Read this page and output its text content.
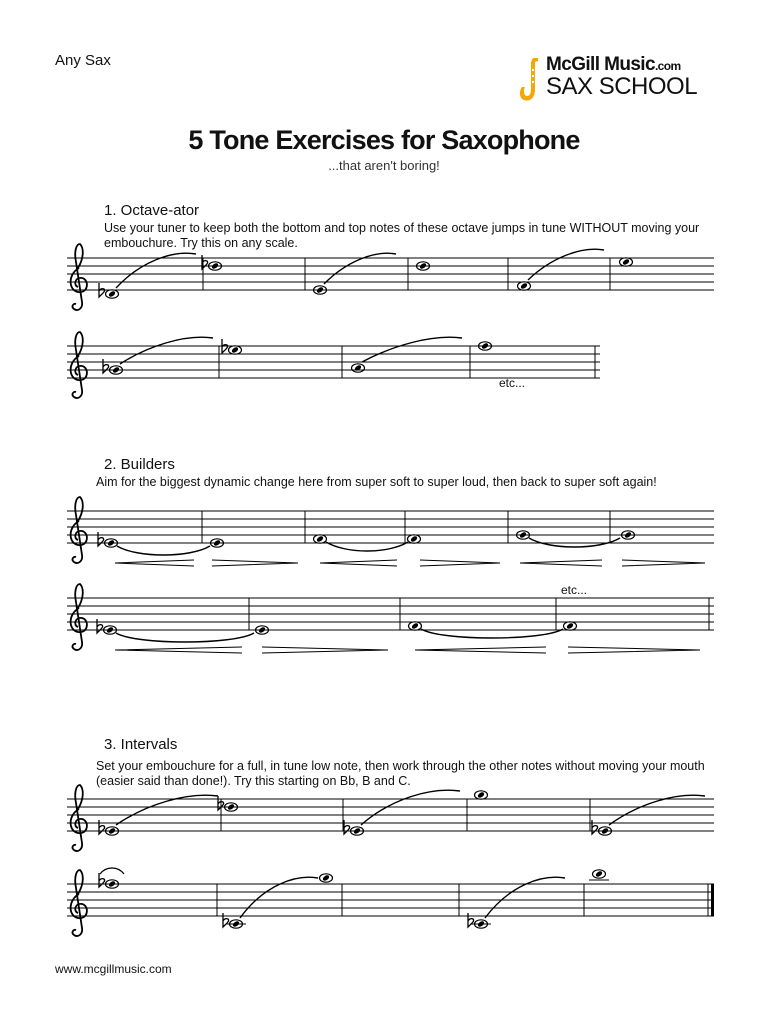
Any Sax	McGill Music.com
SAX SCHOOL
5 Tone Exercises for Saxophone
...that aren't boring!
1. Octave-ator
Use your tuner to keep both the bottom and top notes of these octave jumps in tune WITHOUT moving your embouchure. Try this on any scale.
etc...
2. Builders
Aim for the biggest dynamic change here from super soft to super loud, then back to super soft again!
etc...
3. Intervals
Set your embouchure for a full, in tune low note, then work through the other notes without moving your mouth (easier said than done!). Try this starting on Bb, B and C.
www.mcgillmusic.com
